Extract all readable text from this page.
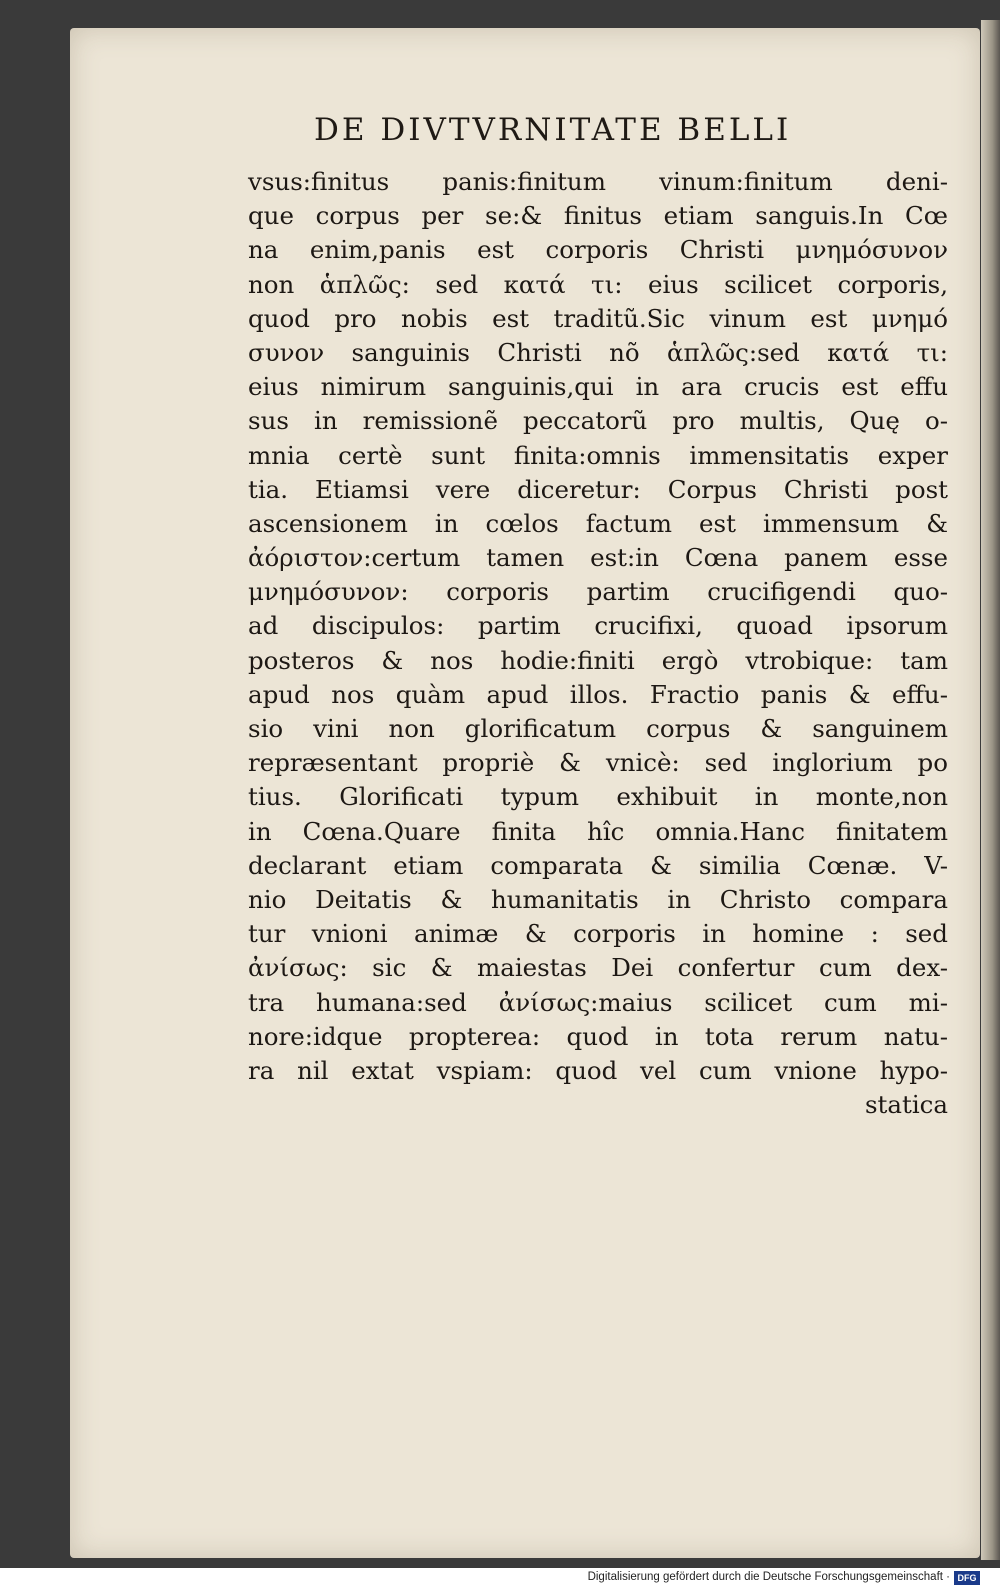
DE DIVTVRNITATE BELLI
vsus:finitus panis:finitum vinum:finitum deni-
que corpus per se:& finitus etiam sanguis.In Cœ
na enim,panis est corporis Christi μνημόσυνον
non ἁπλῶς: sed κατά τι: eius scilicet corporis,
quod pro nobis est traditũ.Sic vinum est μνημό
συνον sanguinis Christi nõ ἁπλῶς:sed κατά τι:
eius nimirum sanguinis,qui in ara crucis est effu
sus in remissionẽ peccatorũ pro multis, Quę o-
mnia certè sunt finita:omnis immensitatis exper
tia. Etiamsi vere diceretur: Corpus Christi post
ascensionem in cœlos factum est immensum &
ἀόριστον:certum tamen est:in Cœna panem esse
μνημόσυνον: corporis partim crucifigendi quo-
ad discipulos: partim crucifixi, quoad ipsorum
posteros & nos hodie:finiti ergò vtrobique: tam
apud nos quàm apud illos. Fractio panis & effu-
sio vini non glorificatum corpus & sanguinem
repræsentant propriè & vnicè: sed inglorium po
tius. Glorificati typum exhibuit in monte,non
in Cœna.Quare finita hîc omnia.Hanc finitatem
declarant etiam comparata & similia Cœnæ. V-
nio Deitatis & humanitatis in Christo compara
tur vnioni animæ & corporis in homine : sed
ἀνίσως: sic & maiestas Dei confertur cum dex-
tra humana:sed ἀνίσως:maius scilicet cum mi-
nore:idque propterea: quod in tota rerum natu-
ra nil extat vspiam: quod vel cum vnione hypo-
statica
Digitalisierung gefördert durch die Deutsche Forschungsgemeinschaft · DFG
